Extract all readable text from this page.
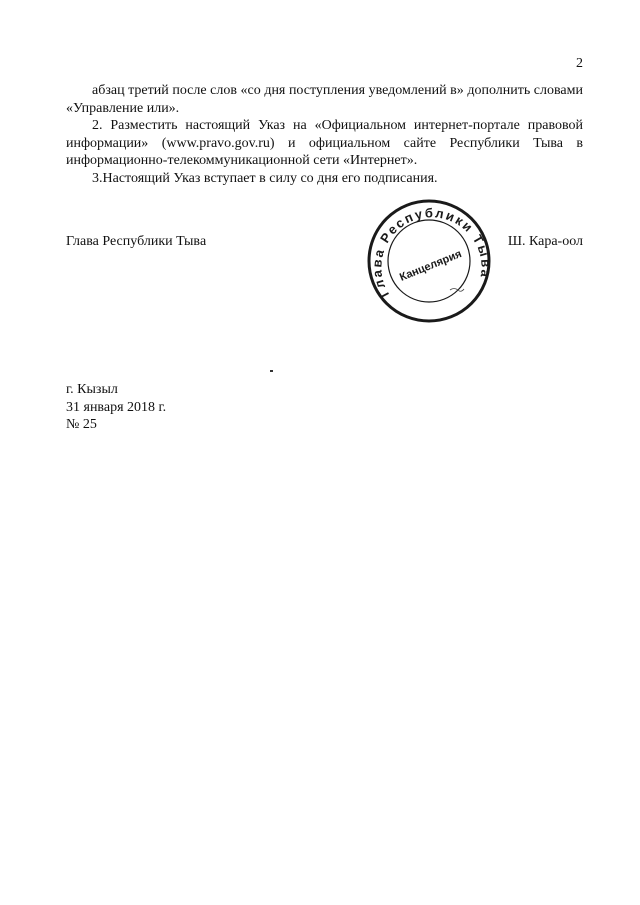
2

абзац третий после слов «со дня поступления уведомлений в» дополнить словами «Управление или».

2. Разместить настоящий Указ на «Официальном интернет-портале правовой информации» (www.pravo.gov.ru) и официальном сайте Республики Тыва в информационно-телекоммуникационной сети «Интернет».

3.Настоящий Указ вступает в силу со дня его подписания.

Глава Республики Тывa	Ш. Кара-оол
Глава Республики Тыва
Канцелярия
г. Кызыл
31 января 2018 г.
№ 25
